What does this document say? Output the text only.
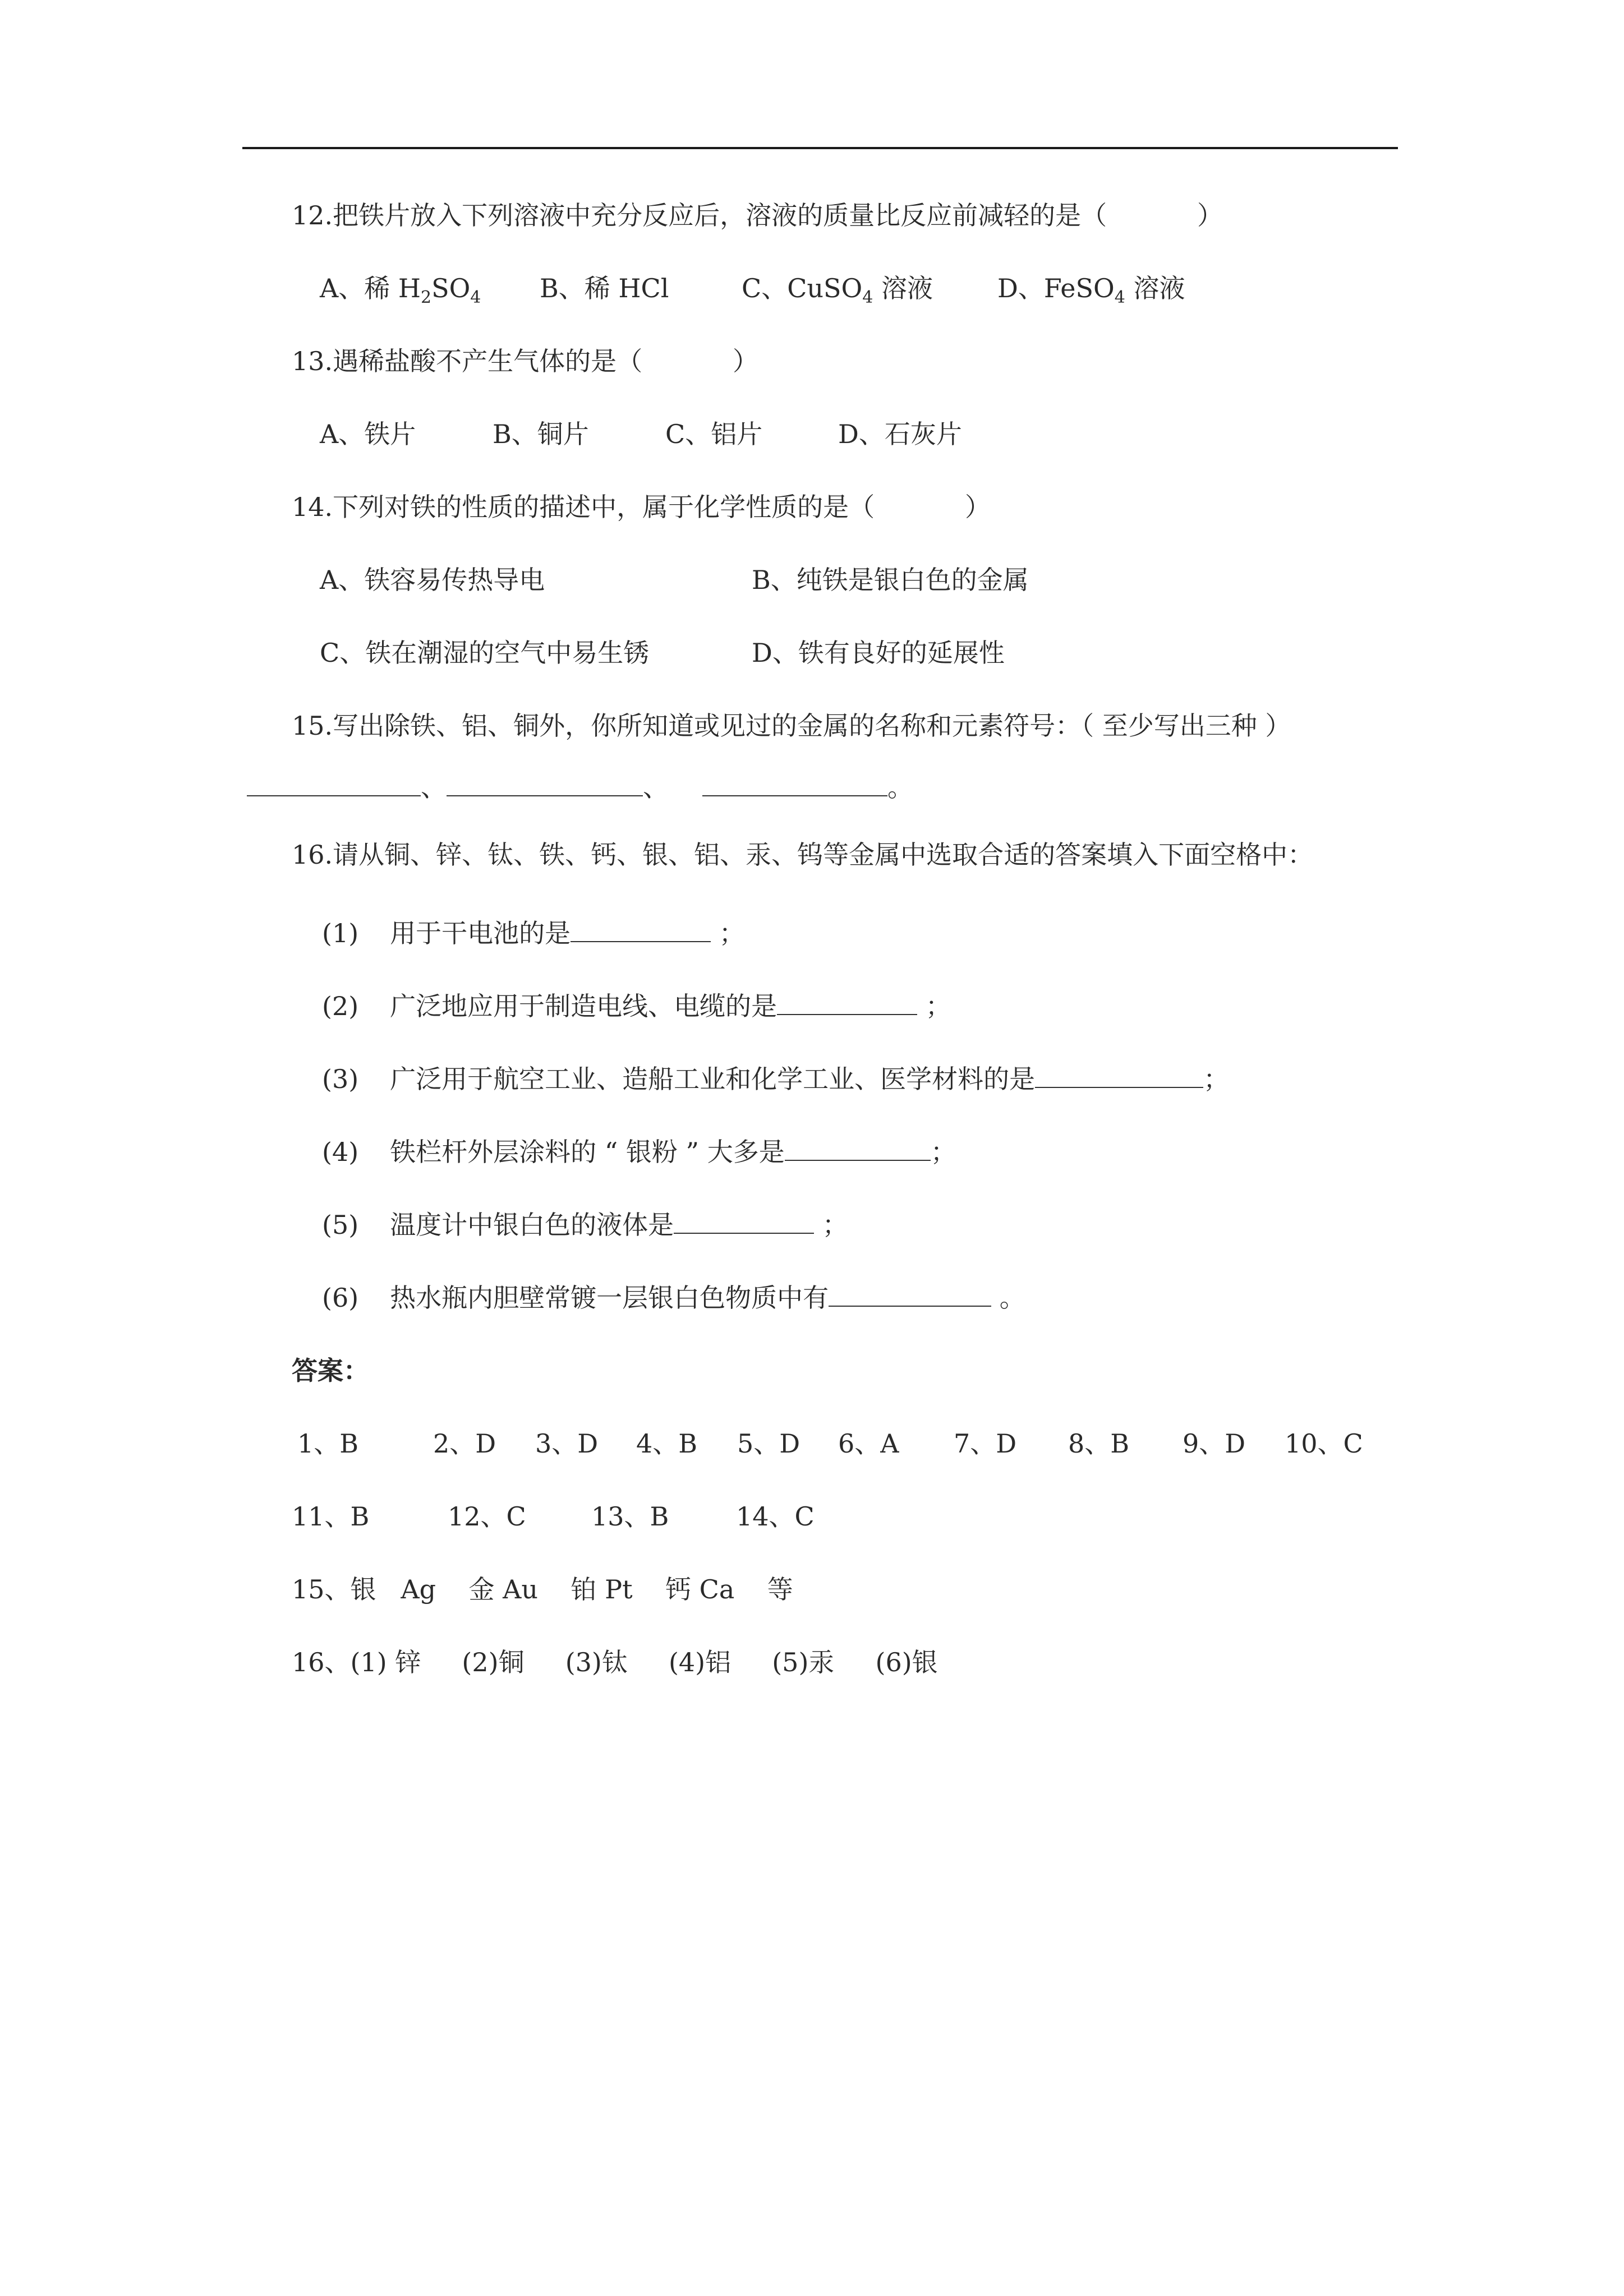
12.把铁片放入下列溶液中充分反应后，溶液的质量比反应前减轻的是（           ）
A、稀 $H_2SO_4$ B、稀 HCl	C、CuSO$_4$ 溶液	D、FeSO$_4$ 溶液
13.遇稀盐酸不产生气体的是（           ）
A、铁片	B、铜片	C、铝片	D、石灰片
14.下列对铁的性质的描述中，属于化学性质的是（           ）
A、铁容易传热导电	B、纯铁是银白色的金属
C、铁在潮湿的空气中易生锈	D、铁有良好的延展性
15.写出除铁、铝、铜外，你所知道或见过的金属的名称和元素符号：（ 至少写出三种 ）
、	、	。
16.请从铜、锌、钛、铁、钙、银、铝、汞、钨等金属中选取合适的答案填入下面空格中：
(1) 用于干电池的是	；
(2) 广泛地应用于制造电线、电缆的是	；
(3) 广泛用于航空工业、造船工业和化学工业、医学材料的是	；
(4) 铁栏杆外层涂料的 “ 银粉 ” 大多是	；
(5) 温度计中银白色的液体是	；
(6) 热水瓶内胆壁常镀一层银白色物质中有	。
答案：
1、B	2、D 3、D 4、B 5、D 6、A 7、D 8、B 9、D 10、C
11、B	12、C	13、B	14、C
15、银   Ag    金 Au    铂 Pt    钙 Ca    等
16、(1) 锌     (2)铜     (3)钛     (4)铝     (5)汞     (6)银
